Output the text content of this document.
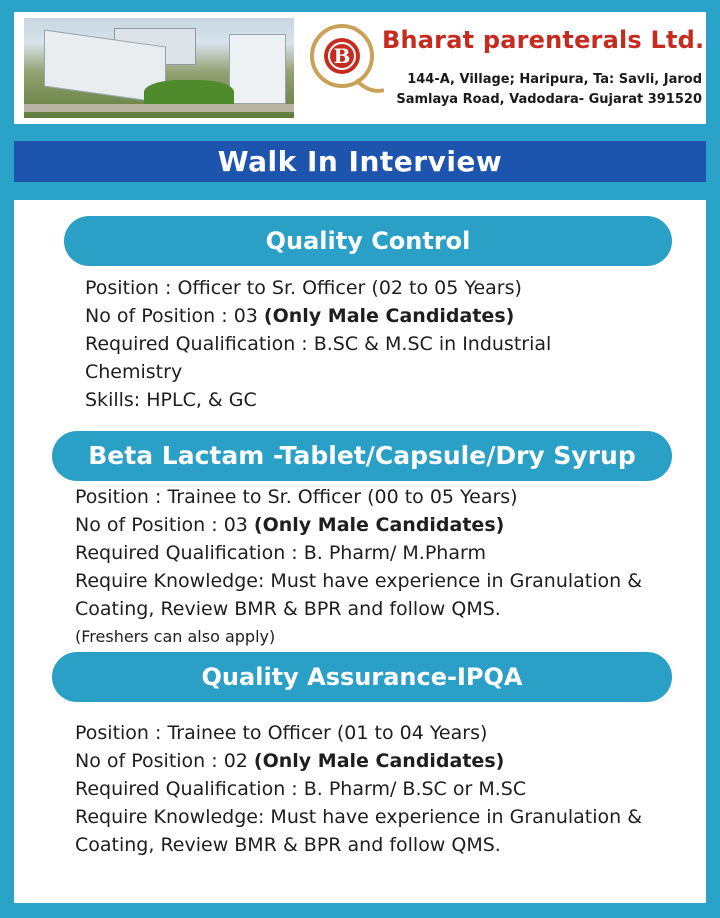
B
Bharat parenterals Ltd.
144-A, Village; Haripura, Ta: Savli, Jarod
Samlaya Road, Vadodara- Gujarat 391520
Walk In Interview
Quality Control
Position : Officer to Sr. Officer (02 to 05 Years)
No of Position : 03 (Only Male Candidates)
Required Qualification : B.SC & M.SC in Industrial
Chemistry
Skills: HPLC, & GC
Beta Lactam -Tablet/Capsule/Dry Syrup
Position : Trainee to Sr. Officer (00 to 05 Years)
No of Position : 03 (Only Male Candidates)
Required Qualification : B. Pharm/ M.Pharm
Require Knowledge: Must have experience in Granulation &
Coating, Review BMR & BPR and follow QMS.
(Freshers can also apply)
Quality Assurance-IPQA
Position : Trainee to Officer (01 to 04 Years)
No of Position : 02 (Only Male Candidates)
Required Qualification : B. Pharm/ B.SC or M.SC
Require Knowledge: Must have experience in Granulation &
Coating, Review BMR & BPR and follow QMS.
